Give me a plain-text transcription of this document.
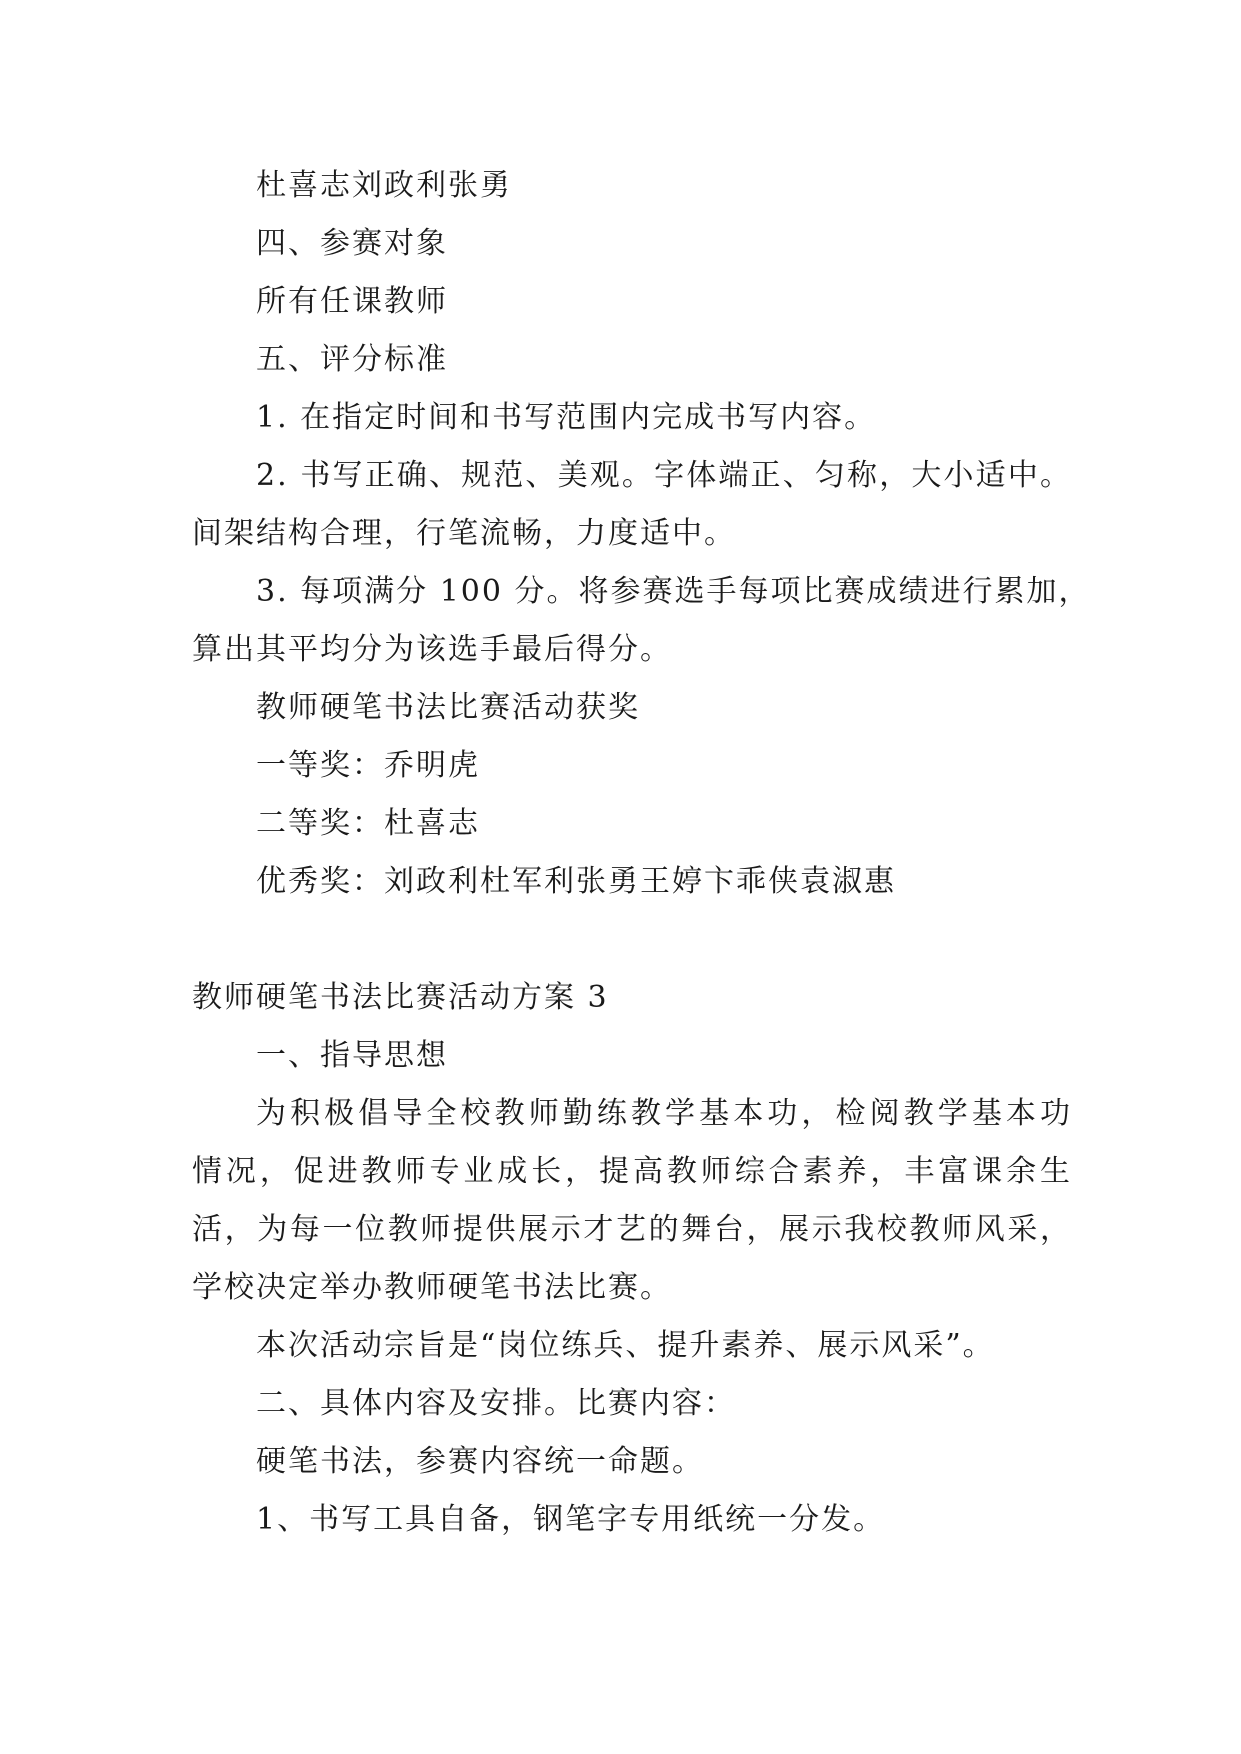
杜喜志刘政利张勇
四、参赛对象
所有任课教师
五、评分标准
1. 在指定时间和书写范围内完成书写内容。
2. 书写正确、规范、美观。字体端正、匀称，大小适中。
间架结构合理，行笔流畅，力度适中。
3. 每项满分 100 分。将参赛选手每项比赛成绩进行累加，
算出其平均分为该选手最后得分。
教师硬笔书法比赛活动获奖
一等奖：乔明虎
二等奖：杜喜志
优秀奖：刘政利杜军利张勇王婷卞乖侠袁淑惠
教师硬笔书法比赛活动方案 3
一、指导思想
为积极倡导全校教师勤练教学基本功，检阅教学基本功
情况，促进教师专业成长，提高教师综合素养，丰富课余生
活，为每一位教师提供展示才艺的舞台，展示我校教师风采，
学校决定举办教师硬笔书法比赛。
本次活动宗旨是“岗位练兵、提升素养、展示风采”。
二、具体内容及安排。比赛内容：
硬笔书法，参赛内容统一命题。
1、书写工具自备，钢笔字专用纸统一分发。
